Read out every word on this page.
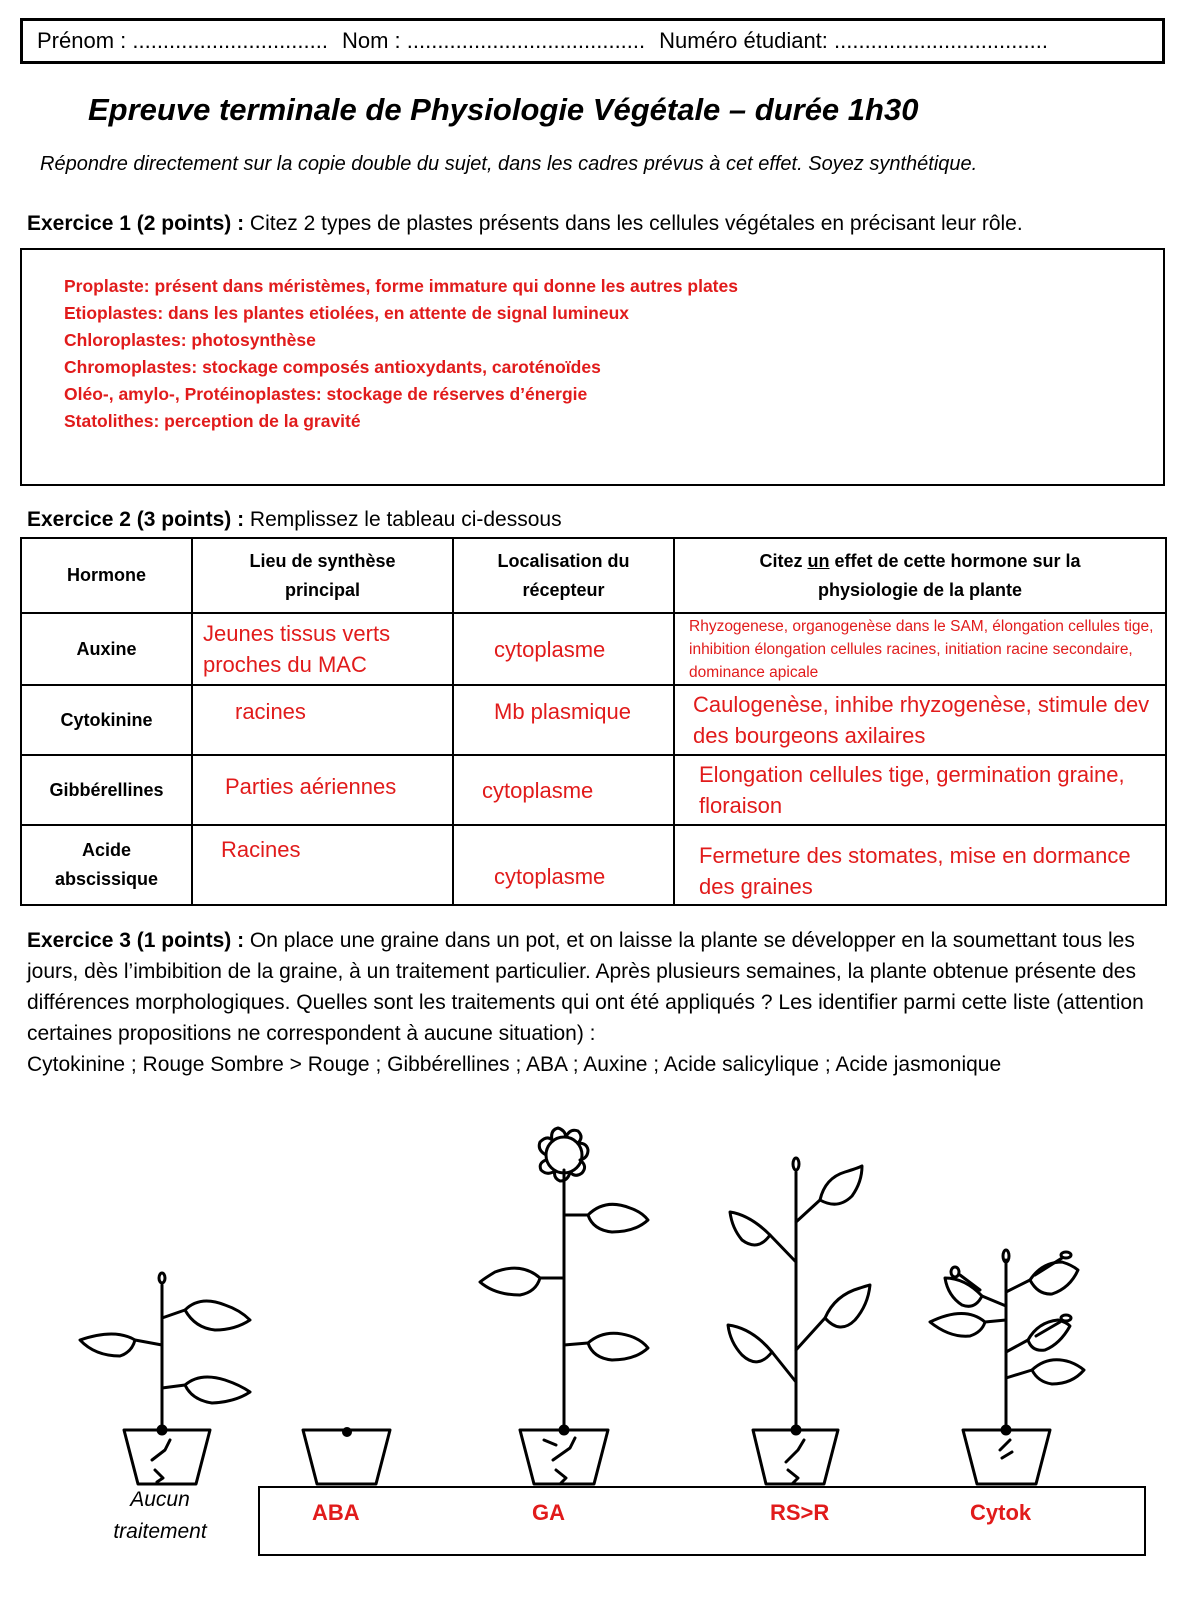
Prénom : ................................ Nom : ....................................... Numéro étudiant: ...................................
Epreuve terminale de Physiologie Végétale – durée 1h30
Répondre directement sur la copie double du sujet, dans les cadres prévus à cet effet. Soyez synthétique.
Exercice 1 (2 points) : Citez 2 types de plastes présents dans les cellules végétales en précisant leur rôle.
Proplaste: présent dans méristèmes, forme immature qui donne les autres plates
Etioplastes: dans les plantes etiolées, en attente de signal lumineux
Chloroplastes: photosynthèse
Chromoplastes: stockage composés antioxydants, caroténoïdes
Oléo-, amylo-, Protéinoplastes: stockage de réserves d’énergie
Statolithes: perception de la gravité
Exercice 2 (3 points) : Remplissez le tableau ci-dessous
Hormone	Lieu de synthèse principal	Localisation du récepteur	Citez un effet de cette hormone sur la physiologie de la plante

Auxine	Jeunes tissus verts proches du MAC	cytoplasme	Rhyzogenese, organogenèse dans le SAM, élongation cellules tige, inhibition élongation cellules racines, initiation racine secondaire, dominance apicale

Cytokinine	racines	Mb plasmique	Caulogenèse, inhibe rhyzogenèse, stimule dev des bourgeons axilaires

Gibbérellines	Parties aériennes	cytoplasme	Elongation cellules tige, germination graine, floraison

Acide abscissique	Racines	cytoplasme	Fermeture des stomates, mise en dormance des graines

Exercice 3 (1 points) : On place une graine dans un pot, et on laisse la plante se développer en la soumettant tous les jours, dès l’imbibition de la graine, à un traitement particulier. Après plusieurs semaines, la plante obtenue présente des différences morphologiques. Quelles sont les traitements qui ont été appliqués ? Les identifier parmi cette liste (attention certaines propositions ne correspondent à aucune situation) :

Cytokinine ; Rouge Sombre > Rouge ; Gibbérellines ; ABA ; Auxine ; Acide salicylique ; Acide jasmonique

Aucun traitement
ABA	GA	RS>R	Cytok
